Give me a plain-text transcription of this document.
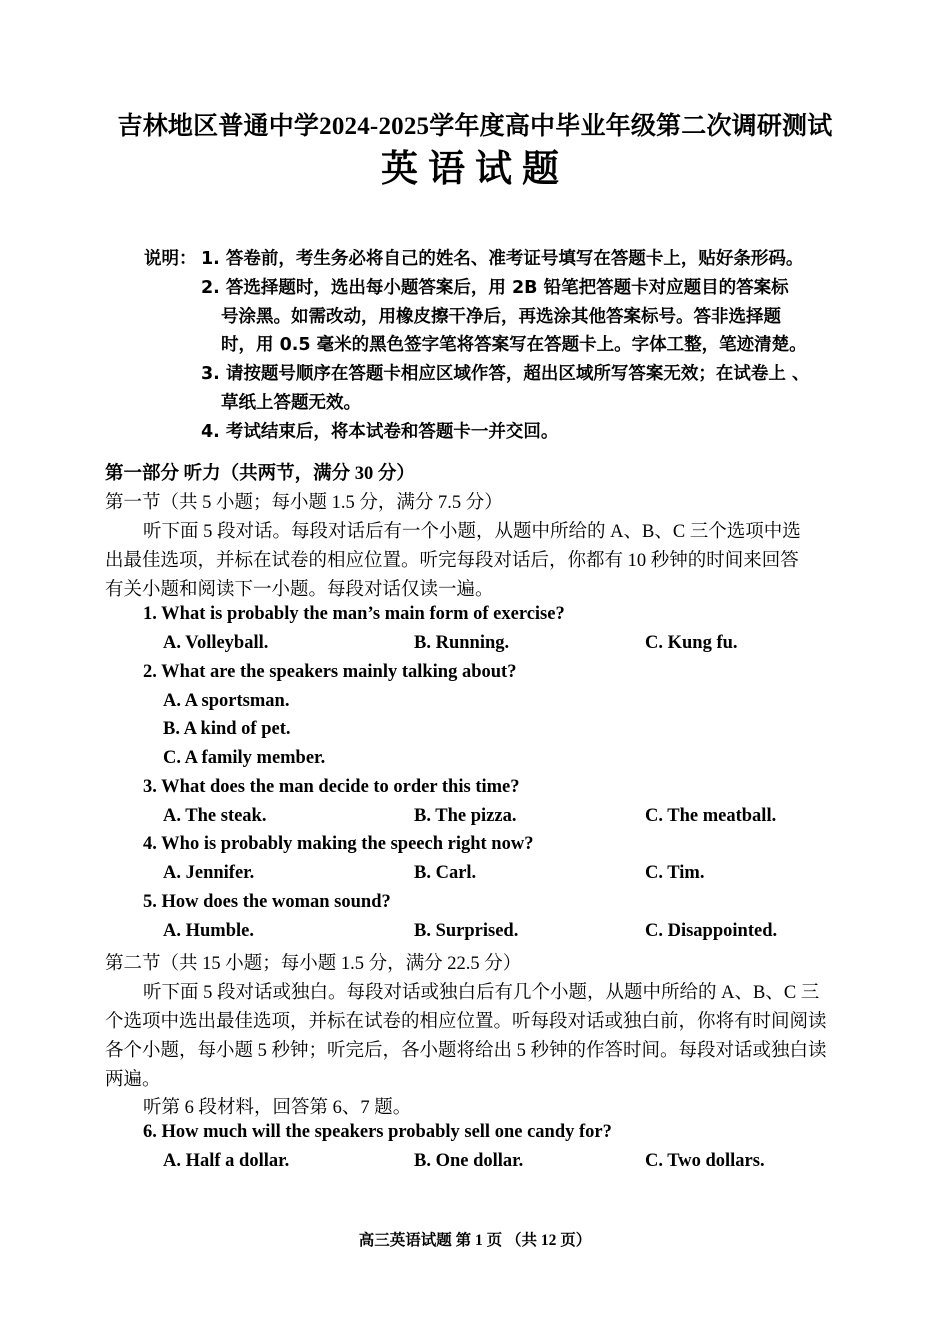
吉林地区普通中学2024-2025学年度高中毕业年级第二次调研测试
英语试题
说明： 1. 答卷前，考生务必将自己的姓名、准考证号填写在答题卡上，贴好条形码。
2. 答选择题时，选出每小题答案后，用 2B 铅笔把答题卡对应题目的答案标
号涂黑。如需改动，用橡皮擦干净后，再选涂其他答案标号。答非选择题
时，用 0.5 毫米的黑色签字笔将答案写在答题卡上。字体工整，笔迹清楚。
3. 请按题号顺序在答题卡相应区域作答，超出区域所写答案无效；在试卷上 、
草纸上答题无效。
4. 考试结束后，将本试卷和答题卡一并交回。
第一部分 听力（共两节，满分 30 分）
第一节（共 5 小题；每小题 1.5 分，满分 7.5 分）
听下面 5 段对话。每段对话后有一个小题，从题中所给的 A、B、C 三个选项中选
出最佳选项，并标在试卷的相应位置。听完每段对话后，你都有 10 秒钟的时间来回答
有关小题和阅读下一小题。每段对话仅读一遍。
1. What is probably the man’s main form of exercise?
A. Volleyball.	B. Running.	C. Kung fu.
2. What are the speakers mainly talking about?
A. A sportsman.
B. A kind of pet.
C. A family member.
3. What does the man decide to order this time?
A. The steak.	B. The pizza.	C. The meatball.
4. Who is probably making the speech right now?
A. Jennifer.	B. Carl.	C. Tim.
5. How does the woman sound?
A. Humble.	B. Surprised.	C. Disappointed.
第二节（共 15 小题；每小题 1.5 分，满分 22.5 分）
听下面 5 段对话或独白。每段对话或独白后有几个小题，从题中所给的 A、B、C 三
个选项中选出最佳选项，并标在试卷的相应位置。听每段对话或独白前，你将有时间阅读
各个小题，每小题 5 秒钟；听完后，各小题将给出 5 秒钟的作答时间。每段对话或独白读
两遍。
听第 6 段材料，回答第 6、7 题。
6. How much will the speakers probably sell one candy for?
A. Half a dollar.	B. One dollar.	C. Two dollars.
高三英语试题 第 1 页 （共 12 页）
